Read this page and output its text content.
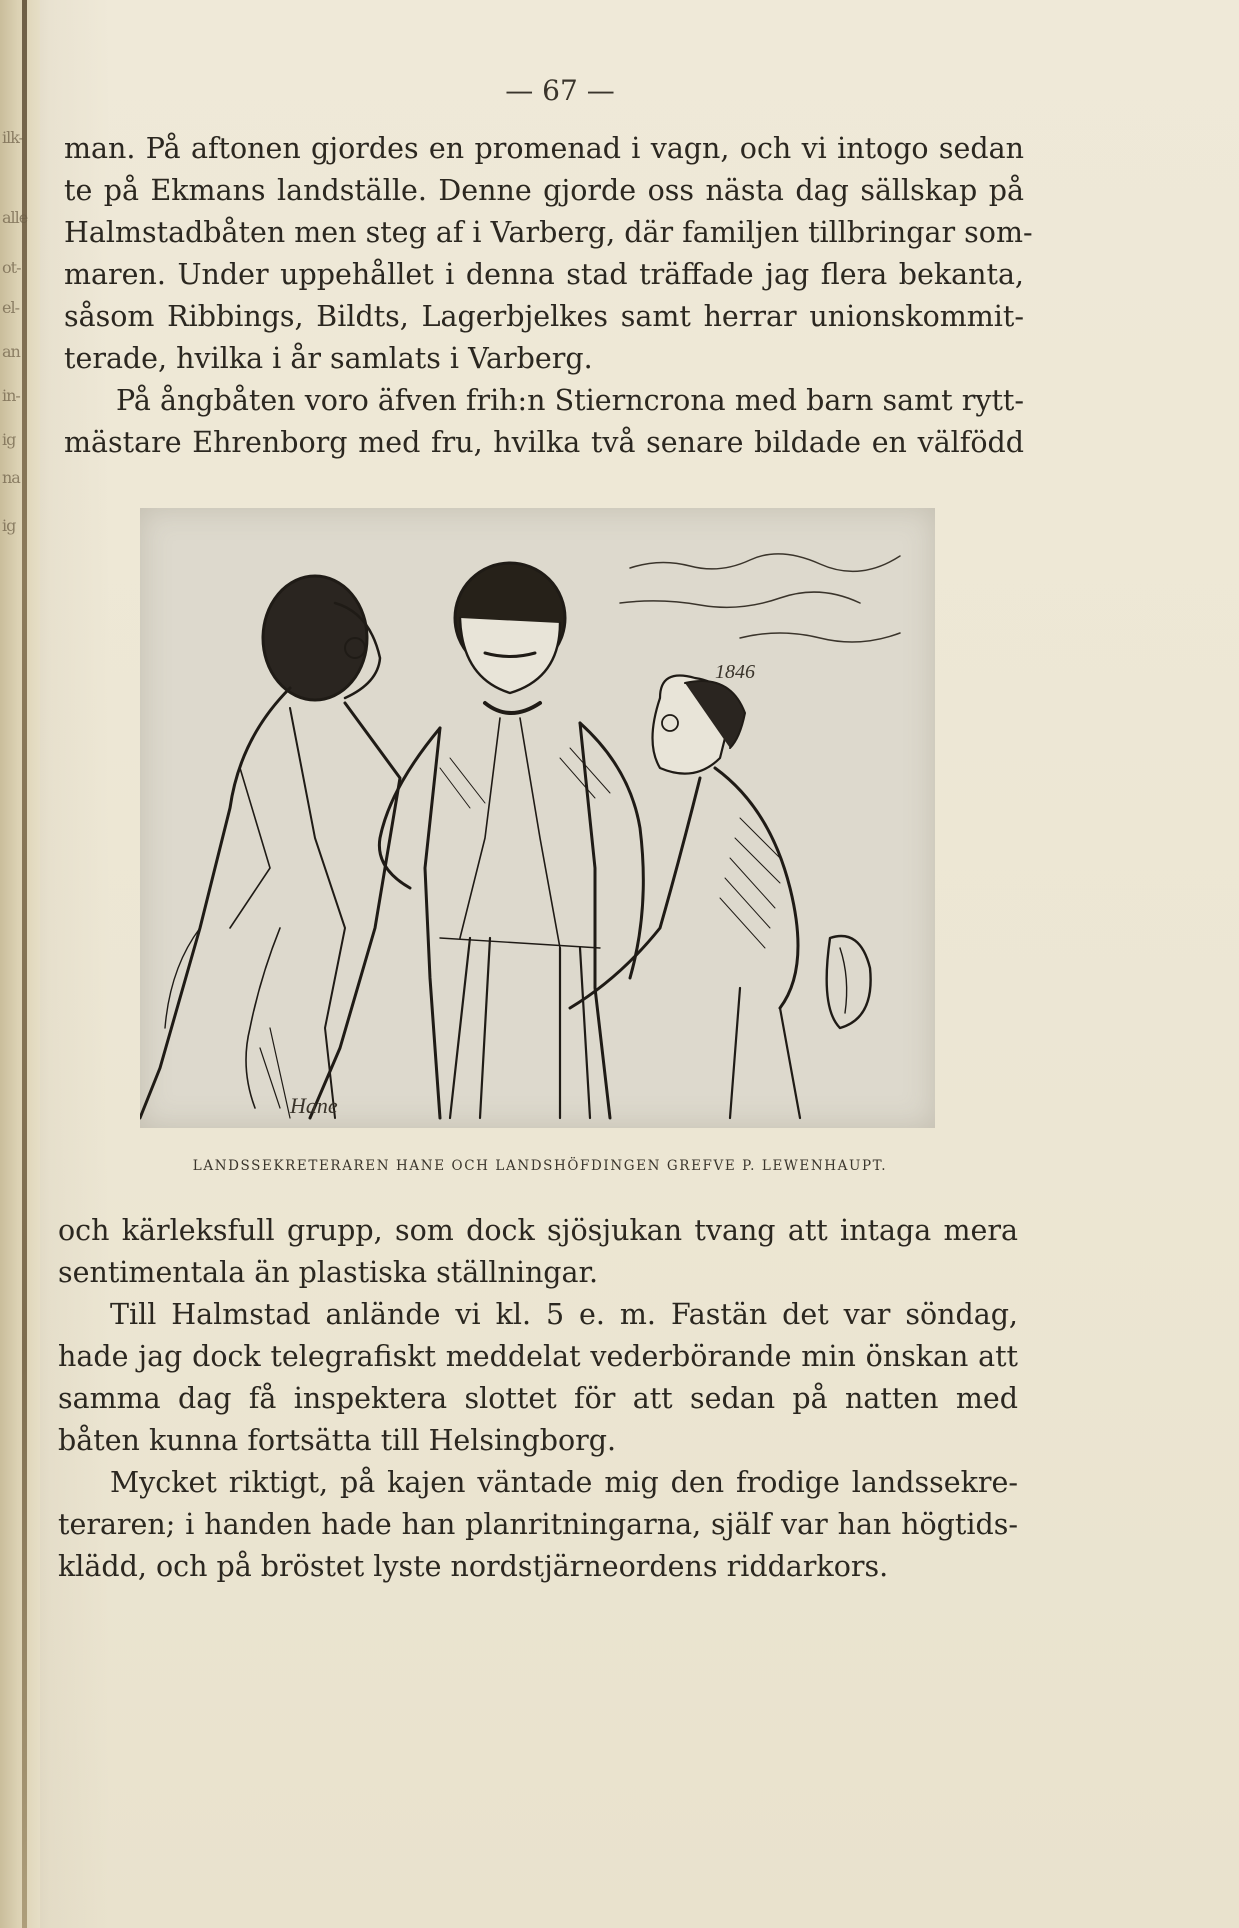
ilk-
alle
ot-
el-
an
in-
ig
na
ig
— 67 —
man. På aftonen gjordes en promenad i vagn, och vi intogo sedan
te på Ekmans landställe. Denne gjorde oss nästa dag sällskap på
Halmstadbåten men steg af i Varberg, där familjen tillbringar som-
maren. Under uppehållet i denna stad träffade jag flera bekanta,
såsom Ribbings, Bildts, Lagerbjelkes samt herrar unionskommit-
terade, hvilka i år samlats i Varberg.
På ångbåten voro äfven frih:n Stierncrona med barn samt rytt-
mästare Ehrenborg med fru, hvilka två senare bildade en välfödd
1846
Hane
LANDSSEKRETERAREN HANE OCH LANDSHÖFDINGEN GREFVE P. LEWENHAUPT.
och kärleksfull grupp, som dock sjösjukan tvang att intaga mera
sentimentala än plastiska ställningar.
Till Halmstad anlände vi kl. 5 e. m. Fastän det var söndag,
hade jag dock telegrafiskt meddelat vederbörande min önskan att
samma dag få inspektera slottet för att sedan på natten med
båten kunna fortsätta till Helsingborg.
Mycket riktigt, på kajen väntade mig den frodige landssekre-
teraren; i handen hade han planritningarna, själf var han högtids-
klädd, och på bröstet lyste nordstjärneordens riddarkors.
